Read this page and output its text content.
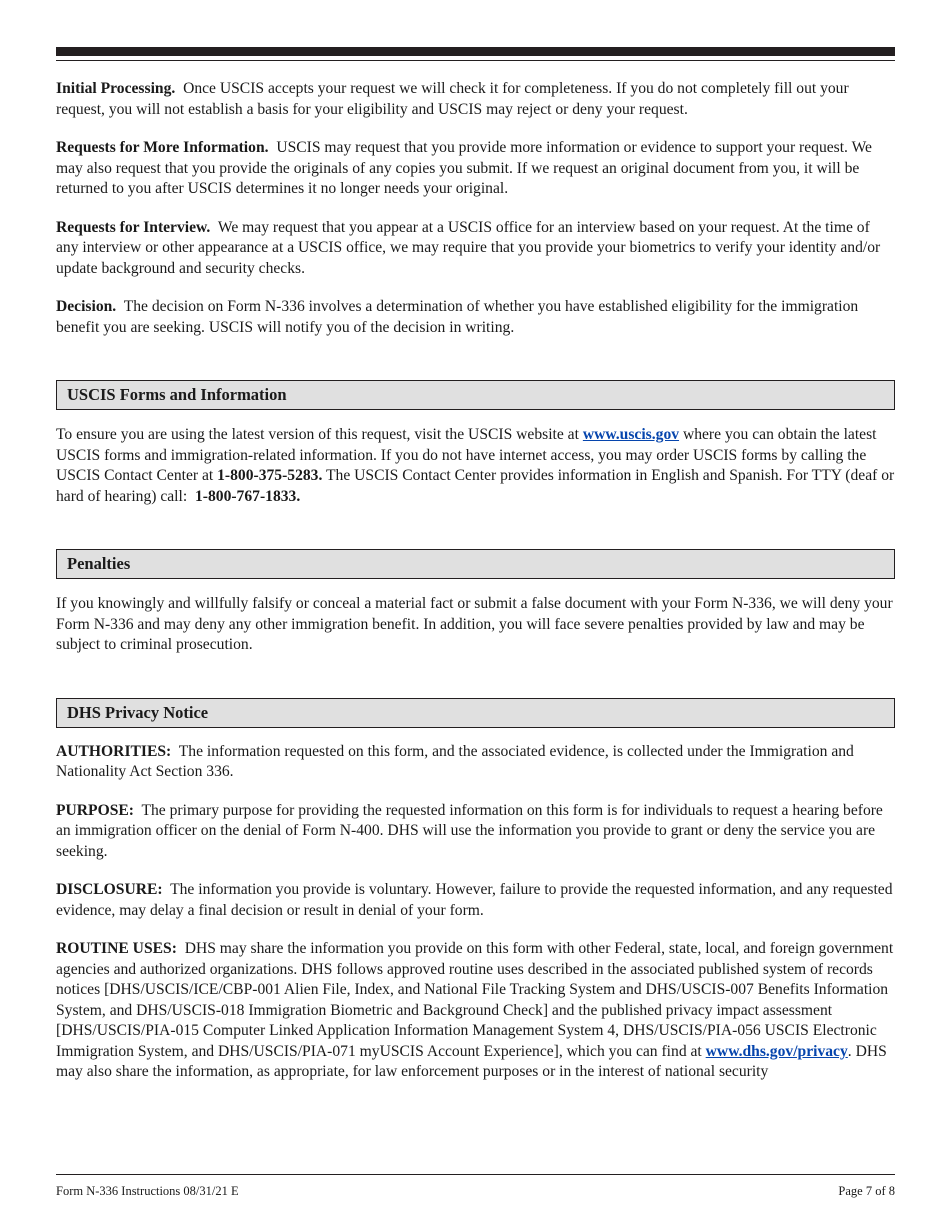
Initial Processing. Once USCIS accepts your request we will check it for completeness. If you do not completely fill out your request, you will not establish a basis for your eligibility and USCIS may reject or deny your request.

Requests for More Information. USCIS may request that you provide more information or evidence to support your request. We may also request that you provide the originals of any copies you submit. If we request an original document from you, it will be returned to you after USCIS determines it no longer needs your original.

Requests for Interview. We may request that you appear at a USCIS office for an interview based on your request. At the time of any interview or other appearance at a USCIS office, we may require that you provide your biometrics to verify your identity and/or update background and security checks.

Decision. The decision on Form N-336 involves a determination of whether you have established eligibility for the immigration benefit you are seeking. USCIS will notify you of the decision in writing.

USCIS Forms and Information

To ensure you are using the latest version of this request, visit the USCIS website at www.uscis.gov where you can obtain the latest USCIS forms and immigration-related information. If you do not have internet access, you may order USCIS forms by calling the USCIS Contact Center at 1-800-375-5283. The USCIS Contact Center provides information in English and Spanish. For TTY (deaf or hard of hearing) call: 1-800-767-1833.

Penalties

If you knowingly and willfully falsify or conceal a material fact or submit a false document with your Form N-336, we will deny your Form N-336 and may deny any other immigration benefit. In addition, you will face severe penalties provided by law and may be subject to criminal prosecution.

DHS Privacy Notice

AUTHORITIES: The information requested on this form, and the associated evidence, is collected under the Immigration and Nationality Act Section 336.

PURPOSE: The primary purpose for providing the requested information on this form is for individuals to request a hearing before an immigration officer on the denial of Form N-400. DHS will use the information you provide to grant or deny the service you are seeking.

DISCLOSURE: The information you provide is voluntary. However, failure to provide the requested information, and any requested evidence, may delay a final decision or result in denial of your form.

ROUTINE USES: DHS may share the information you provide on this form with other Federal, state, local, and foreign government agencies and authorized organizations. DHS follows approved routine uses described in the associated published system of records notices [DHS/USCIS/ICE/CBP-001 Alien File, Index, and National File Tracking System and DHS/USCIS-007 Benefits Information System, and DHS/USCIS-018 Immigration Biometric and Background Check] and the published privacy impact assessment [DHS/USCIS/PIA-015 Computer Linked Application Information Management System 4, DHS/USCIS/PIA-056 USCIS Electronic Immigration System, and DHS/USCIS/PIA-071 myUSCIS Account Experience], which you can find at www.dhs.gov/privacy. DHS may also share the information, as appropriate, for law enforcement purposes or in the interest of national security

Form N-336 Instructions 08/31/21 E	Page 7 of 8
